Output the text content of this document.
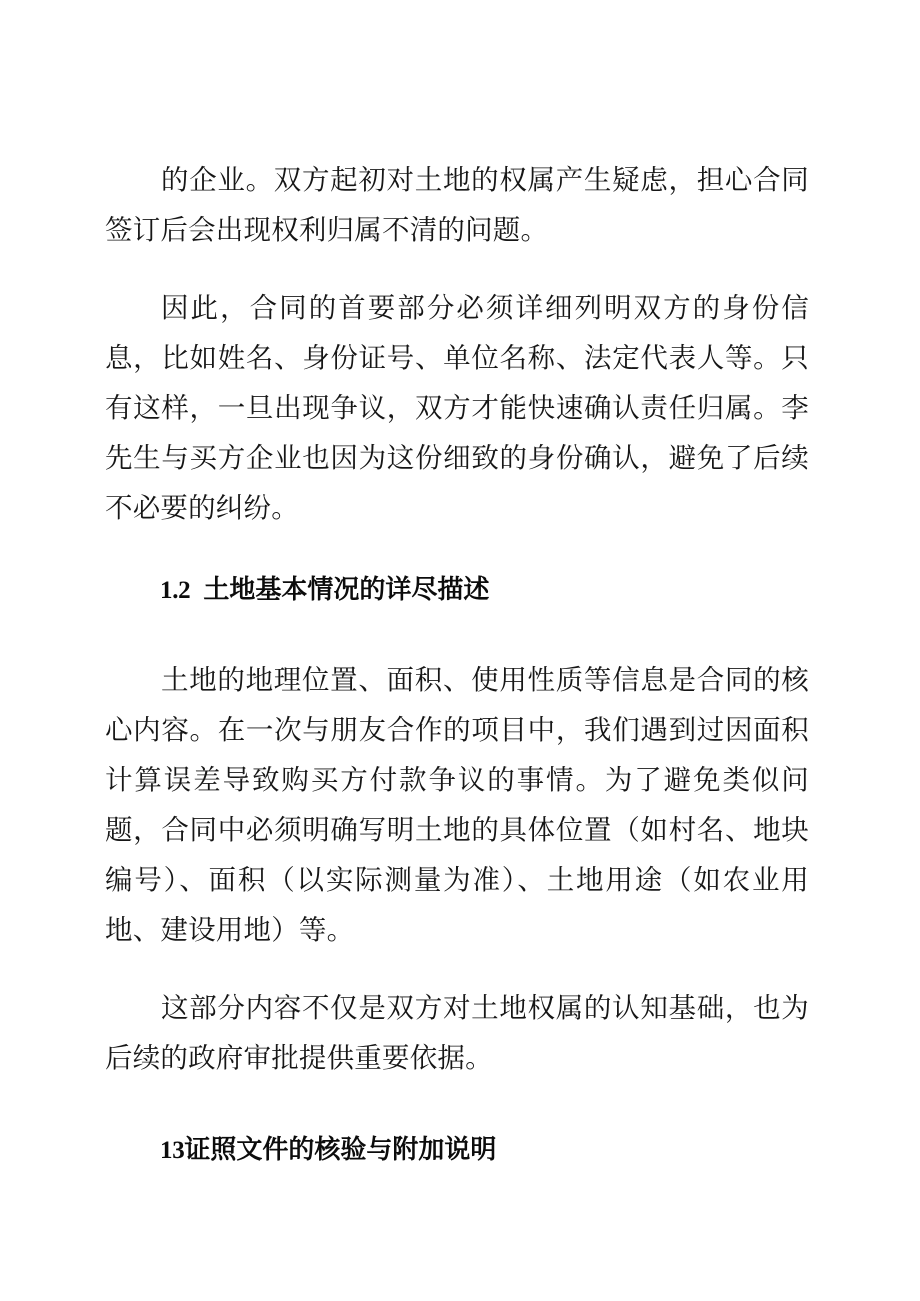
的企业。双方起初对土地的权属产生疑虑，担心合同签订后会出现权利归属不清的问题。

因此，合同的首要部分必须详细列明双方的身份信息，比如姓名、身份证号、单位名称、法定代表人等。只有这样，一旦出现争议，双方才能快速确认责任归属。李先生与买方企业也因为这份细致的身份确认，避免了后续不必要的纠纷。

1.2 土地基本情况的详尽描述

土地的地理位置、面积、使用性质等信息是合同的核心内容。在一次与朋友合作的项目中，我们遇到过因面积计算误差导致购买方付款争议的事情。为了避免类似问题，合同中必须明确写明土地的具体位置（如村名、地块编号）、面积（以实际测量为准）、土地用途（如农业用地、建设用地）等。

这部分内容不仅是双方对土地权属的认知基础，也为后续的政府审批提供重要依据。

13证照文件的核验与附加说明
